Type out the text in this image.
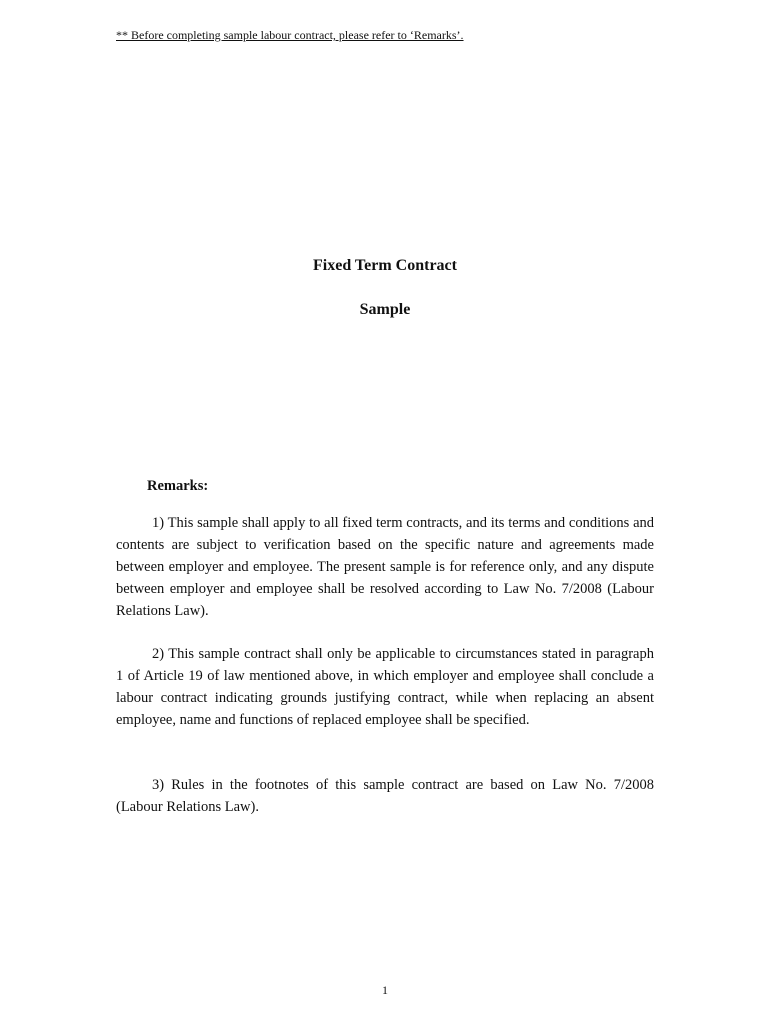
** Before completing sample labour contract, please refer to ‘Remarks’.
Fixed Term Contract
Sample
Remarks:

1) This sample shall apply to all fixed term contracts, and its terms and conditions and contents are subject to verification based on the specific nature and agreements made between employer and employee. The present sample is for reference only, and any dispute between employer and employee shall be resolved according to Law No. 7/2008 (Labour Relations Law).

2) This sample contract shall only be applicable to circumstances stated in paragraph 1 of Article 19 of law mentioned above, in which employer and employee shall conclude a labour contract indicating grounds justifying contract, while when replacing an absent employee, name and functions of replaced employee shall be specified.

3) Rules in the footnotes of this sample contract are based on Law No. 7/2008 (Labour Relations Law).

1
